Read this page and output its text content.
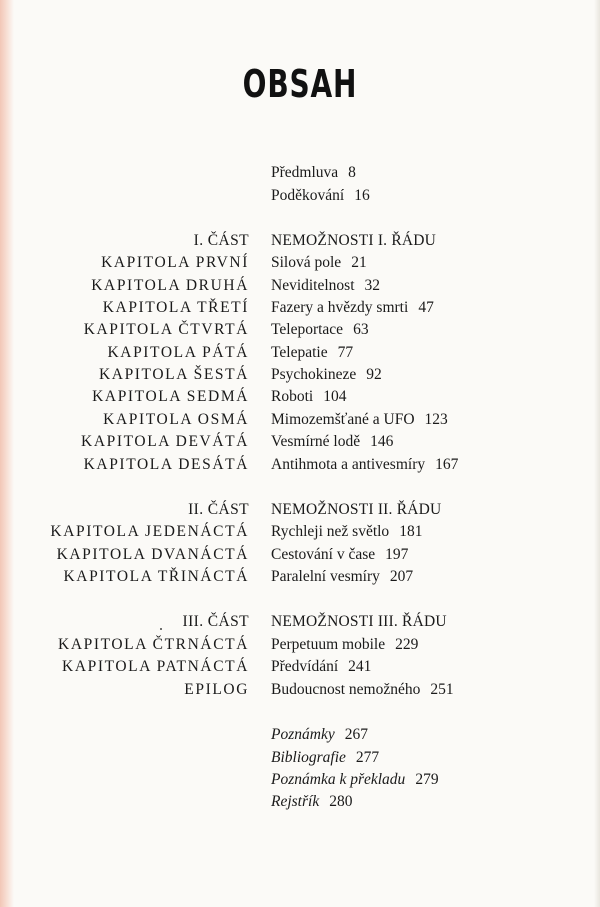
OBSAH
Předmluva 8
Poděkování 16
I. ČÁST NEMOŽNOSTI I. ŘÁDU
KAPITOLA PRVNÍ Silová pole 21
KAPITOLA DRUHÁ Neviditelnost 32
KAPITOLA TŘETÍ Fazery a hvězdy smrti 47
KAPITOLA ČTVRTÁ Teleportace 63
KAPITOLA PÁTÁ Telepatie 77
KAPITOLA ŠESTÁ Psychokineze 92
KAPITOLA SEDMÁ Roboti 104
KAPITOLA OSMÁ Mimozemšťané a UFO 123
KAPITOLA DEVÁTÁ Vesmírné lodě 146
KAPITOLA DESÁTÁ Antihmota a antivesmíry 167
II. ČÁST NEMOŽNOSTI II. ŘÁDU
KAPITOLA JEDENÁCTÁ Rychleji než světlo 181
KAPITOLA DVANÁCTÁ Cestování v čase 197
KAPITOLA TŘINÁCTÁ Paralelní vesmíry 207
III. ČÁST NEMOŽNOSTI III. ŘÁDU
KAPITOLA ČTRNÁCTÁ Perpetuum mobile 229
KAPITOLA PATNÁCTÁ Předvídání 241
EPILOG Budoucnost nemožného 251
Poznámky 267
Bibliografie 277
Poznámka k překladu 279
Rejstřík 280
